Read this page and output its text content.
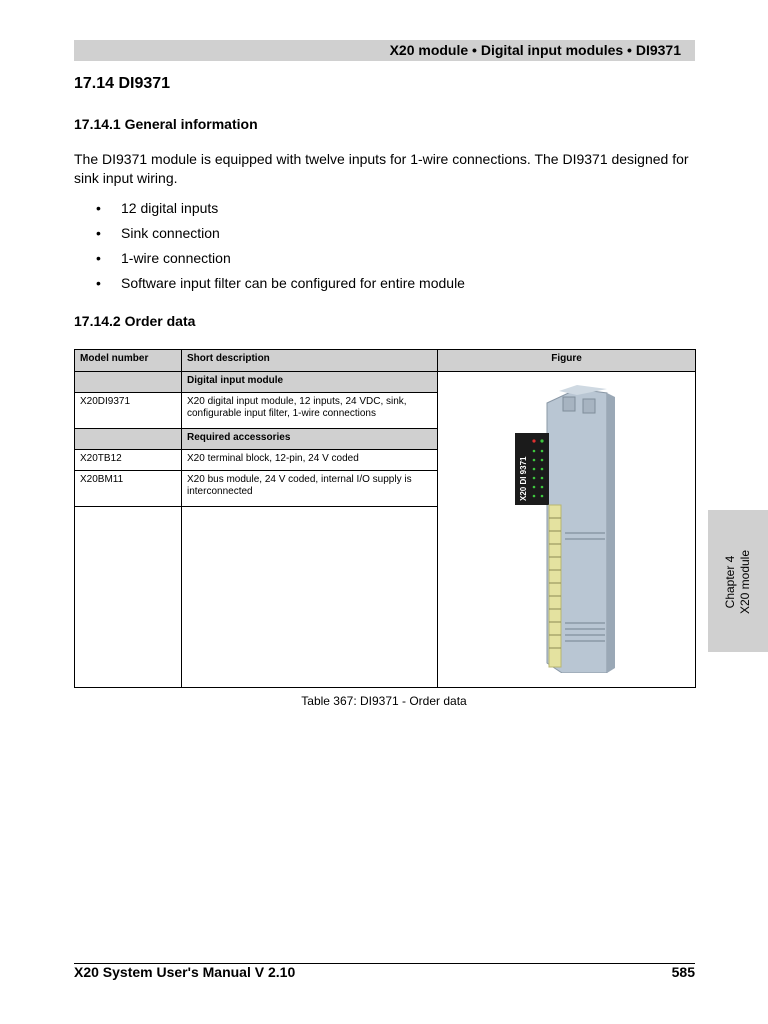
X20 module • Digital input modules • DI9371
17.14 DI9371
17.14.1 General information
The DI9371 module is equipped with twelve inputs for 1-wire connections. The DI9371 designed for sink input wiring.
• 12 digital inputs
• Sink connection
• 1-wire connection
• Software input filter can be configured for entire module
17.14.2 Order data
Model number	Short description	Figure
	Digital input module	X20 DI 9371

X20DI9371	X20 digital input module, 12 inputs, 24 VDC, sink, configurable input filter, 1-wire connections	
	Required accessories	
X20TB12	X20 terminal block, 12-pin, 24 V coded	
X20BM11	X20 bus module, 24 V coded, internal I/O supply is interconnected	

Table 367: DI9371 - Order data
Chapter 4 X20 module
X20 System User's Manual V 2.10	585
